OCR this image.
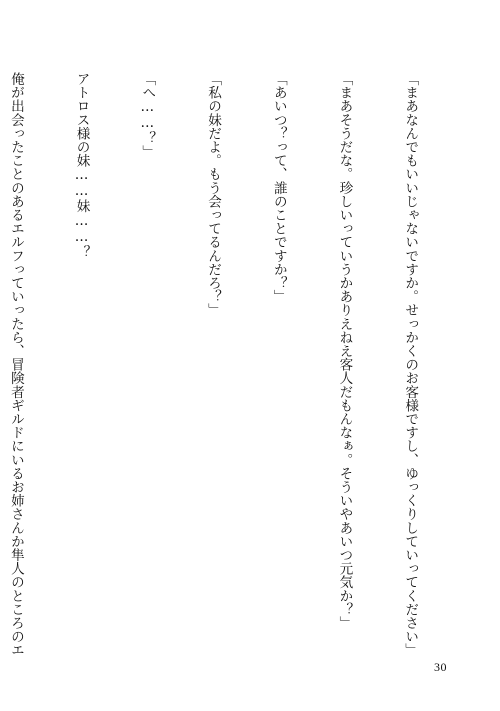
「まあなんでもいいじゃないですか。せっかくのお客様ですし、ゆっくりしていってください」

「まあそうだな。珍しいっていうかありえねえ客人だもんなぁ。そういやあいつ元気か？」

「あいつ？って、誰のことですか？」

「私の妹だよ。もう会ってるんだろ？」

「へ……？」

アトロス様の妹……妹……？

俺が出会ったことのあるエルフっていったら、冒険者ギルドにいるお姉さんか隼人のところのエ

30
